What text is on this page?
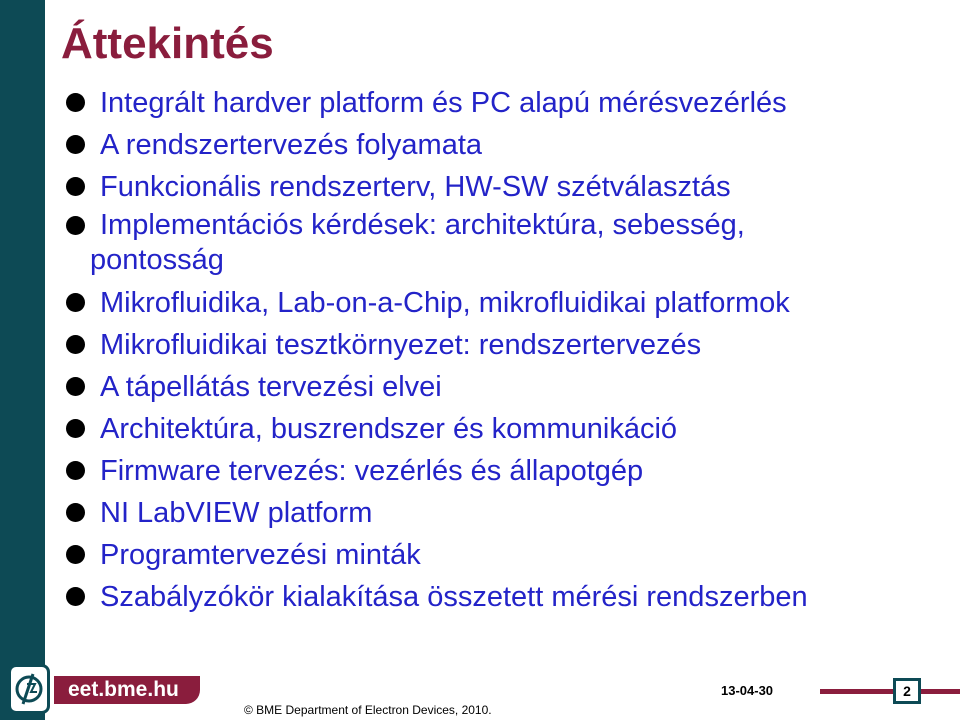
Áttekintés
Integrált hardver platform és PC alapú mérésvezérlés
A rendszertervezés folyamata
Funkcionális rendszerterv, HW-SW szétválasztás
Implementációs kérdések: architektúra, sebesség,
pontosság
Mikrofluidika, Lab-on-a-Chip, mikrofluidikai platformok
Mikrofluidikai tesztkörnyezet: rendszertervezés
A tápellátás tervezési elvei
Architektúra, buszrendszer és kommunikáció
Firmware tervezés: vezérlés és állapotgép
NI LabVIEW platform
Programtervezési minták
Szabályzókör kialakítása összetett mérési rendszerben
eet.bme.hu
© BME Department of Electron Devices, 2010.
13-04-30	2
